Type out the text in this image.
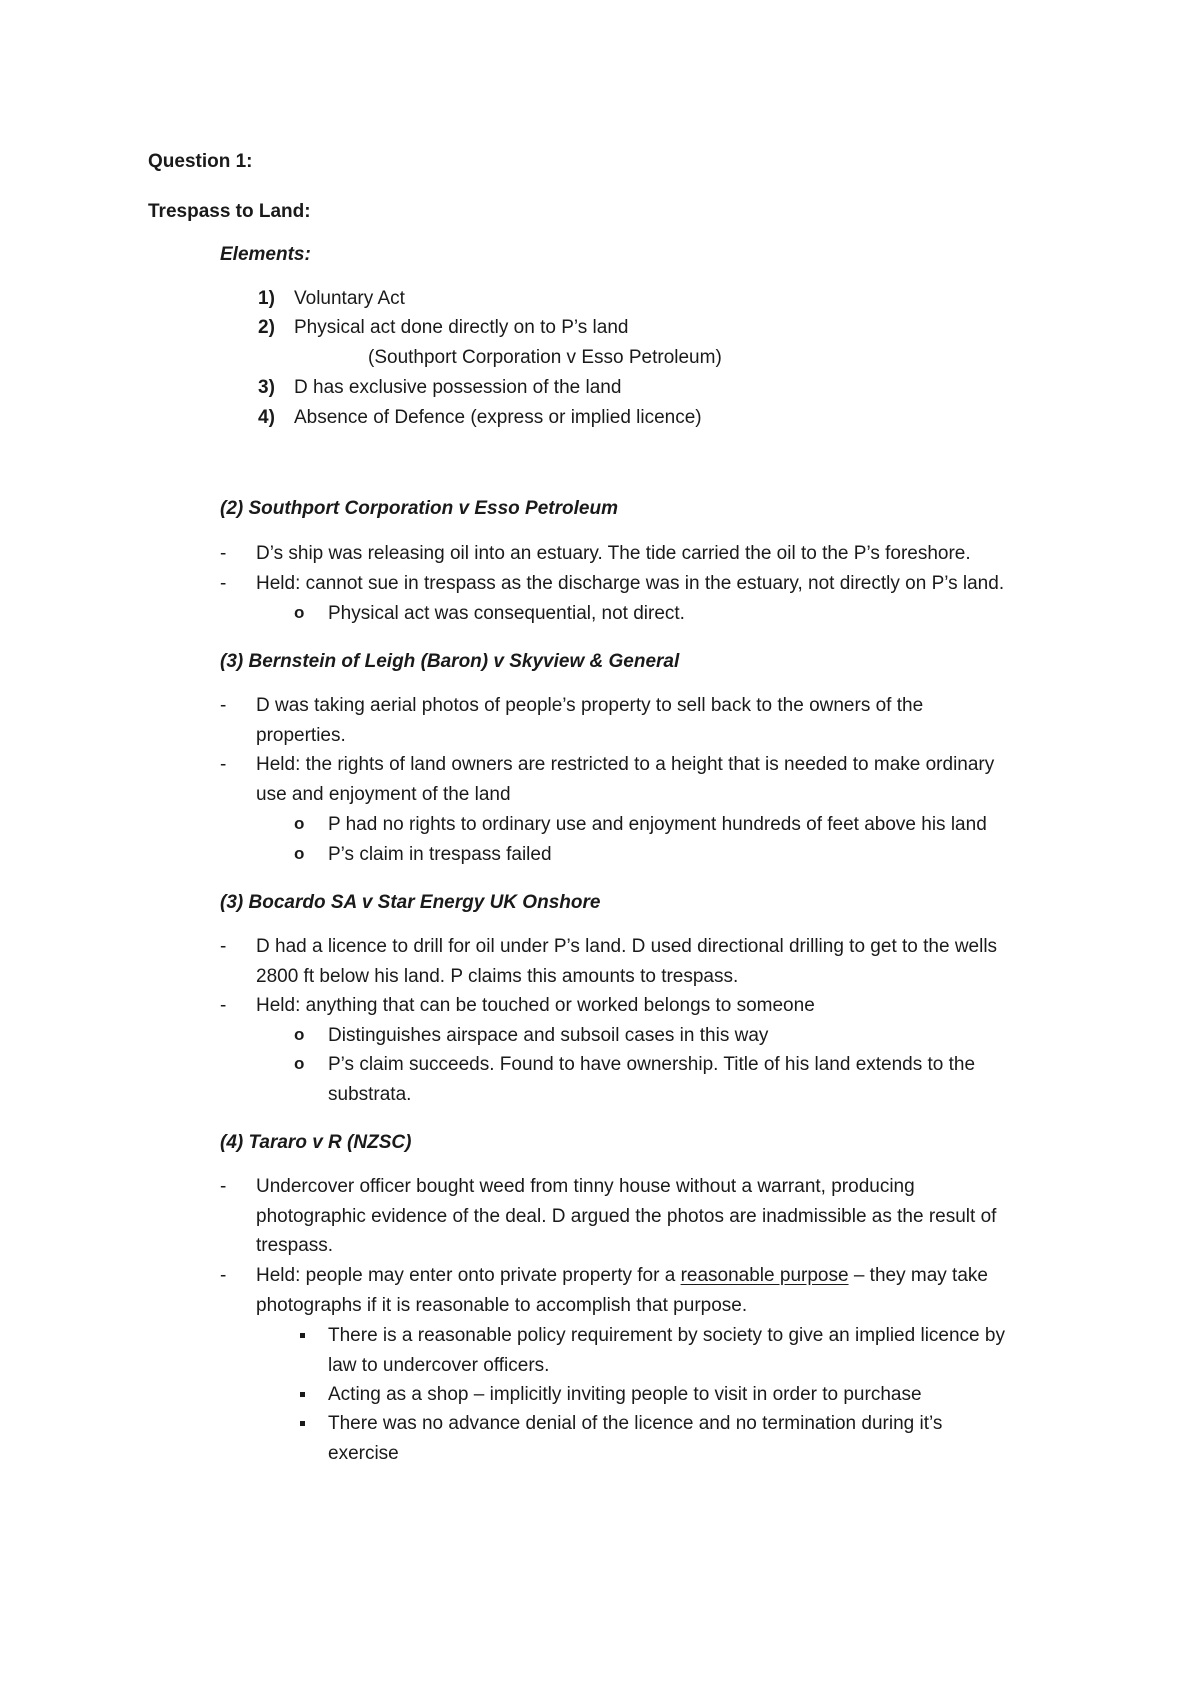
Question 1:
Trespass to Land:
Elements:
1) Voluntary Act
2) Physical act done directly on to P’s land
(Southport Corporation v Esso Petroleum)
3) D has exclusive possession of the land
4) Absence of Defence (express or implied licence)
(2) Southport Corporation v Esso Petroleum
- D’s ship was releasing oil into an estuary. The tide carried the oil to the P’s foreshore.
- Held: cannot sue in trespass as the discharge was in the estuary, not directly on P’s land.
o Physical act was consequential, not direct.
(3) Bernstein of Leigh (Baron) v Skyview & General
- D was taking aerial photos of people’s property to sell back to the owners of the
properties.
- Held: the rights of land owners are restricted to a height that is needed to make ordinary
use and enjoyment of the land
o P had no rights to ordinary use and enjoyment hundreds of feet above his land
o P’s claim in trespass failed
(3) Bocardo SA v Star Energy UK Onshore
- D had a licence to drill for oil under P’s land. D used directional drilling to get to the wells
2800 ft below his land. P claims this amounts to trespass.
- Held: anything that can be touched or worked belongs to someone
o Distinguishes airspace and subsoil cases in this way
o P’s claim succeeds. Found to have ownership. Title of his land extends to the
substrata.
(4) Tararo v R (NZSC)
- Undercover officer bought weed from tinny house without a warrant, producing
photographic evidence of the deal. D argued the photos are inadmissible as the result of
trespass.
- Held: people may enter onto private property for a reasonable purpose – they may take
photographs if it is reasonable to accomplish that purpose.
There is a reasonable policy requirement by society to give an implied licence by
law to undercover officers.
Acting as a shop – implicitly inviting people to visit in order to purchase
There was no advance denial of the licence and no termination during it’s
exercise
